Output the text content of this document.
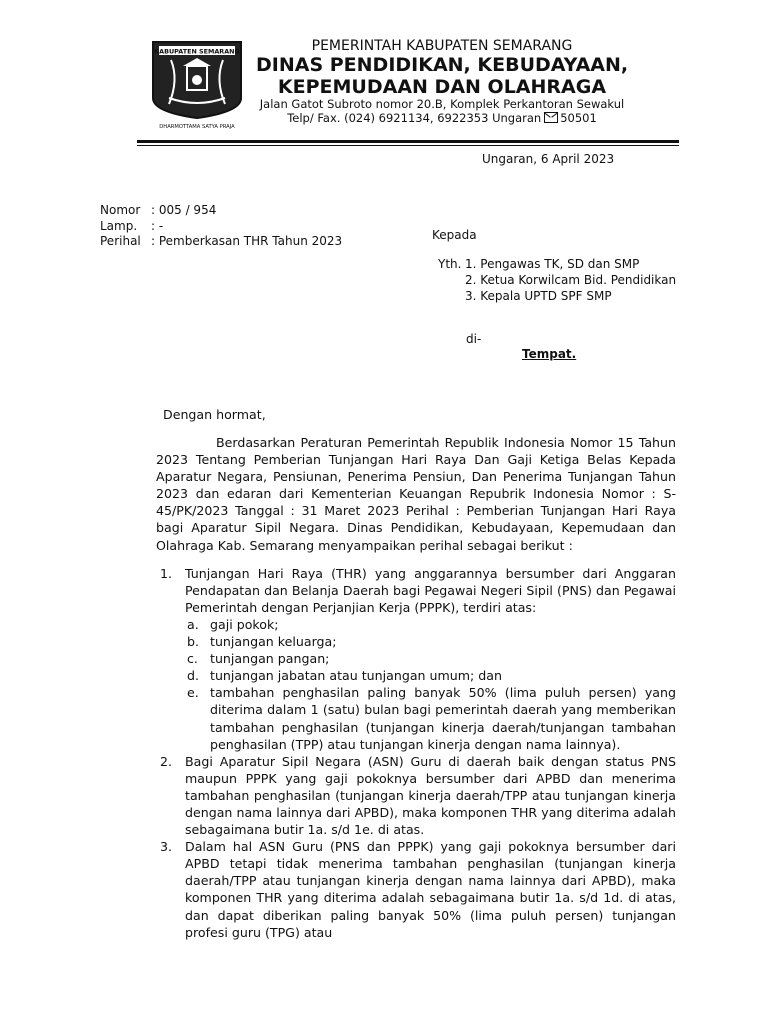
KABUPATEN SEMARANG
DHARMOTTAMA SATYA PRAJA
PEMERINTAH KABUPATEN SEMARANG
DINAS PENDIDIKAN, KEBUDAYAAN,
KEPEMUDAAN DAN OLAHRAGA
Jalan Gatot Subroto nomor 20.B, Komplek Perkantoran Sewakul
Telp/ Fax. (024) 6921134, 6922353 Ungaran 50501
Ungaran, 6 April 2023
Nomor : 005 / 954
Lamp. : -
Perihal : Pemberkasan THR Tahun 2023	Kepada
Yth. 1. Pengawas TK, SD dan SMP
2. Ketua Korwilcam Bid. Pendidikan
3. Kepala UPTD SPF SMP
di-
Tempat.
Dengan hormat,
Berdasarkan Peraturan Pemerintah Republik Indonesia Nomor 15 Tahun 2023 Tentang Pemberian Tunjangan Hari Raya Dan Gaji Ketiga Belas Kepada Aparatur Negara, Pensiunan, Penerima Pensiun, Dan Penerima Tunjangan Tahun 2023 dan edaran dari Kementerian Keuangan Repubrik Indonesia Nomor : S-45/PK/2023 Tanggal : 31 Maret 2023 Perihal : Pemberian Tunjangan Hari Raya bagi Aparatur Sipil Negara. Dinas Pendidikan, Kebudayaan, Kepemudaan dan Olahraga Kab. Semarang menyampaikan perihal sebagai berikut :
1. Tunjangan Hari Raya (THR) yang anggarannya bersumber dari Anggaran Pendapatan dan Belanja Daerah bagi Pegawai Negeri Sipil (PNS) dan Pegawai Pemerintah dengan Perjanjian Kerja (PPPK), terdiri atas:
a. gaji pokok;
b. tunjangan keluarga;
c. tunjangan pangan;
d. tunjangan jabatan atau tunjangan umum; dan
e. tambahan penghasilan paling banyak 50% (lima puluh persen) yang diterima dalam 1 (satu) bulan bagi pemerintah daerah yang memberikan tambahan penghasilan (tunjangan kinerja daerah/tunjangan tambahan penghasilan (TPP) atau tunjangan kinerja dengan nama lainnya).
2. Bagi Aparatur Sipil Negara (ASN) Guru di daerah baik dengan status PNS maupun PPPK yang gaji pokoknya bersumber dari APBD dan menerima tambahan penghasilan (tunjangan kinerja daerah/TPP atau tunjangan kinerja dengan nama lainnya dari APBD), maka komponen THR yang diterima adalah sebagaimana butir 1a. s/d 1e. di atas.
3. Dalam hal ASN Guru (PNS dan PPPK) yang gaji pokoknya bersumber dari APBD tetapi tidak menerima tambahan penghasilan (tunjangan kinerja daerah/TPP atau tunjangan kinerja dengan nama lainnya dari APBD), maka komponen THR yang diterima adalah sebagaimana butir 1a. s/d 1d. di atas, dan dapat diberikan paling banyak 50% (lima puluh persen) tunjangan profesi guru (TPG) atau
